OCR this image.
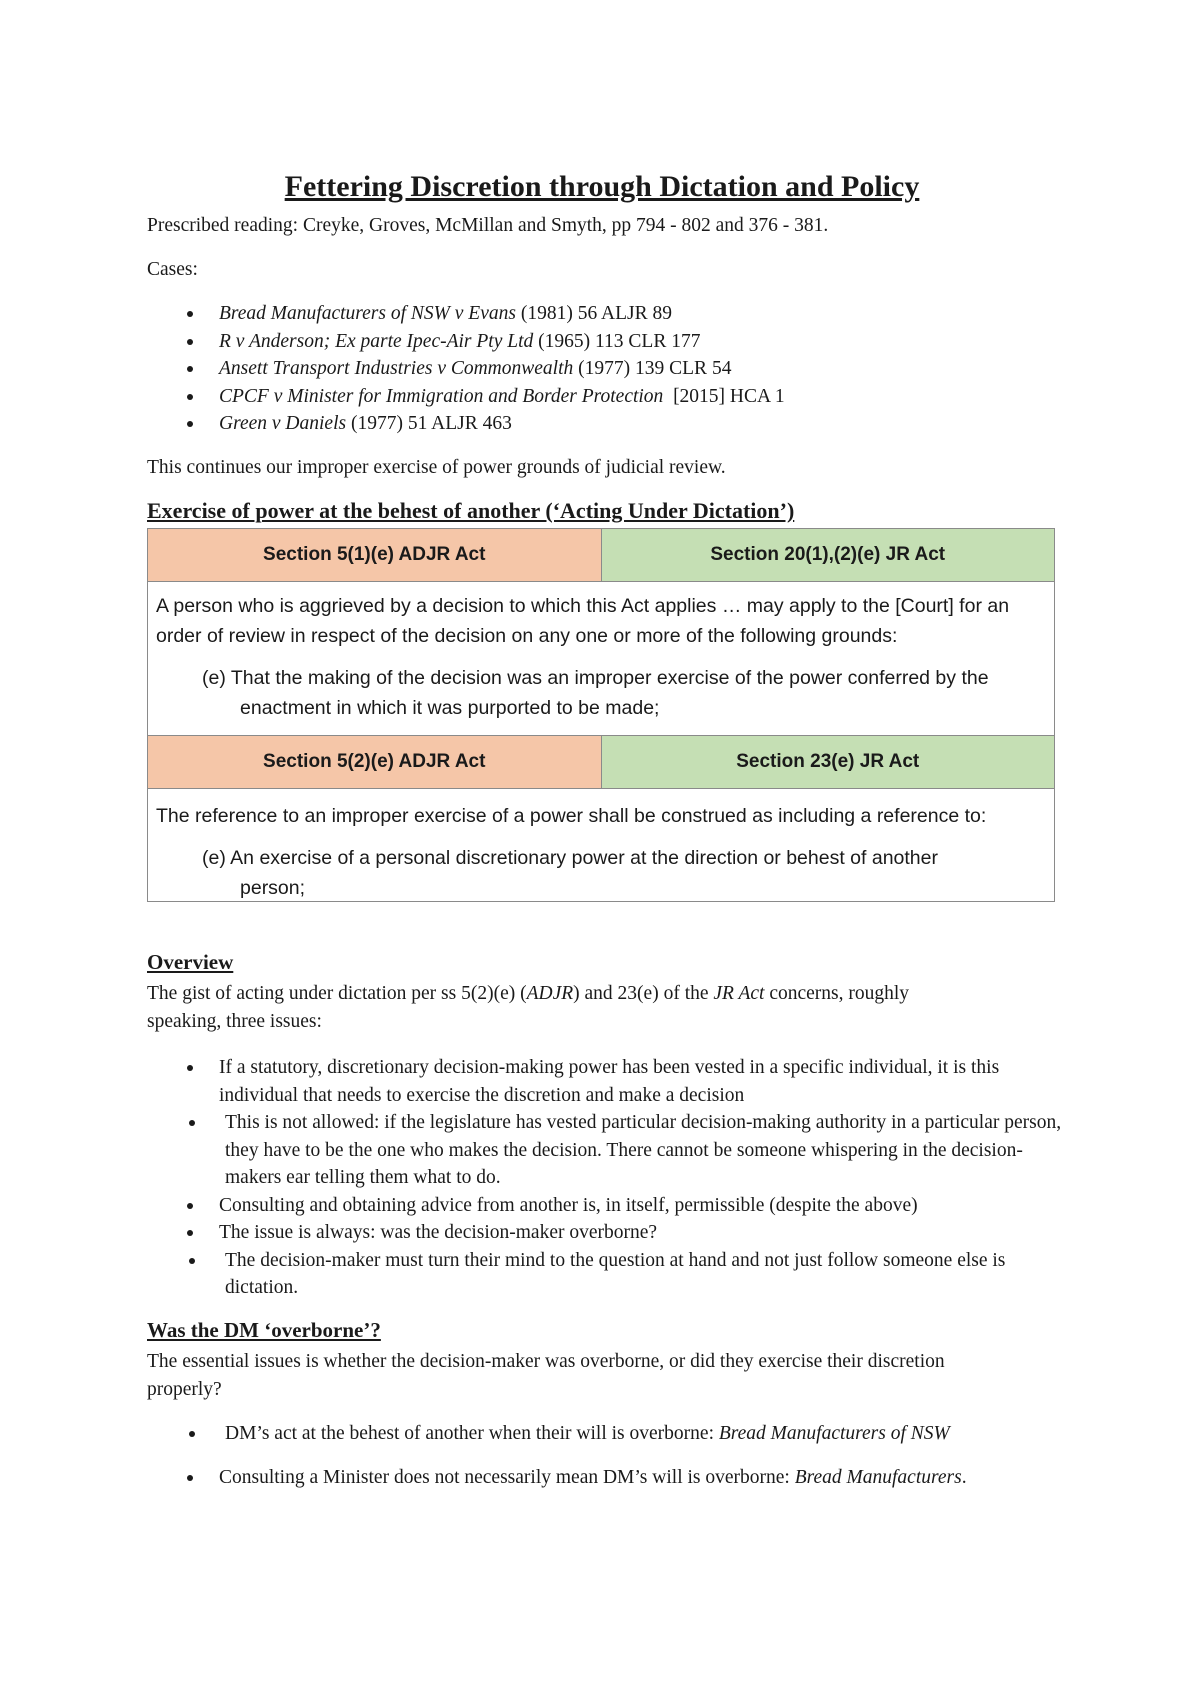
Fettering Discretion through Dictation and Policy

Prescribed reading: Creyke, Groves, McMillan and Smyth, pp 794 - 802 and 376 - 381.

Cases:

Bread Manufacturers of NSW v Evans (1981) 56 ALJR 89
R v Anderson; Ex parte Ipec-Air Pty Ltd (1965) 113 CLR 177
Ansett Transport Industries v Commonwealth (1977) 139 CLR 54
CPCF v Minister for Immigration and Border Protection  [2015] HCA 1
Green v Daniels (1977) 51 ALJR 463

This continues our improper exercise of power grounds of judicial review.

Exercise of power at the behest of another (‘Acting Under Dictation’)
Section 5(1)(e) ADJR Act	Section 20(1),(2)(e) JR Act
A person who is aggrieved by a decision to which this Act applies … may apply to the [Court] for an
order of review in respect of the decision on any one or more of the following grounds:
(e) That the making of the decision was an improper exercise of the power conferred by the
enactment in which it was purported to be made;
Section 5(2)(e) ADJR Act	Section 23(e) JR Act
The reference to an improper exercise of a power shall be construed as including a reference to:
(e) An exercise of a personal discretionary power at the direction or behest of another
person;
Overview

The gist of acting under dictation per ss 5(2)(e) (ADJR) and 23(e) of the JR Act concerns, roughly

speaking, three issues:

If a statutory, discretionary decision-making power has been vested in a specific individual, it is this individual that needs to exercise the discretion and make a decision
This is not allowed: if the legislature has vested particular decision-making authority in a particular person, they have to be the one who makes the decision. There cannot be someone whispering in the decision-makers ear telling them what to do.
Consulting and obtaining advice from another is, in itself, permissible (despite the above)
The issue is always: was the decision-maker overborne?
The decision-maker must turn their mind to the question at hand and not just follow someone else is dictation.
Was the DM ‘overborne’?

The essential issues is whether the decision-maker was overborne, or did they exercise their discretion

properly?

DM’s act at the behest of another when their will is overborne: Bread Manufacturers of NSW
Consulting a Minister does not necessarily mean DM’s will is overborne: Bread Manufacturers.
